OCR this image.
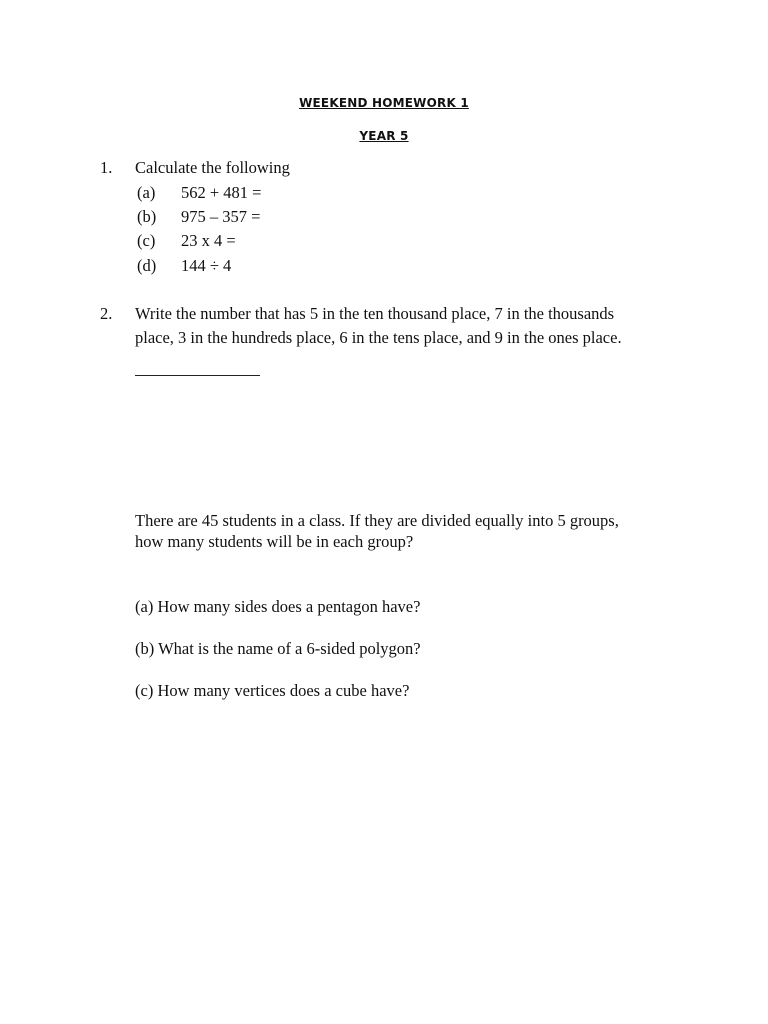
WEEKEND HOMEWORK 1
YEAR 5
1. Calculate the following
(a) 562 + 481 =
(b) 975 – 357 =
(c) 23 x 4 =
(d) 144 ÷ 4
2. Write the number that has 5 in the ten thousand place, 7 in the thousands
place, 3 in the hundreds place, 6 in the tens place, and 9 in the ones place.
There are 45 students in a class. If they are divided equally into 5 groups,
how many students will be in each group?
(a) How many sides does a pentagon have?
(b) What is the name of a 6-sided polygon?
(c) How many vertices does a cube have?
